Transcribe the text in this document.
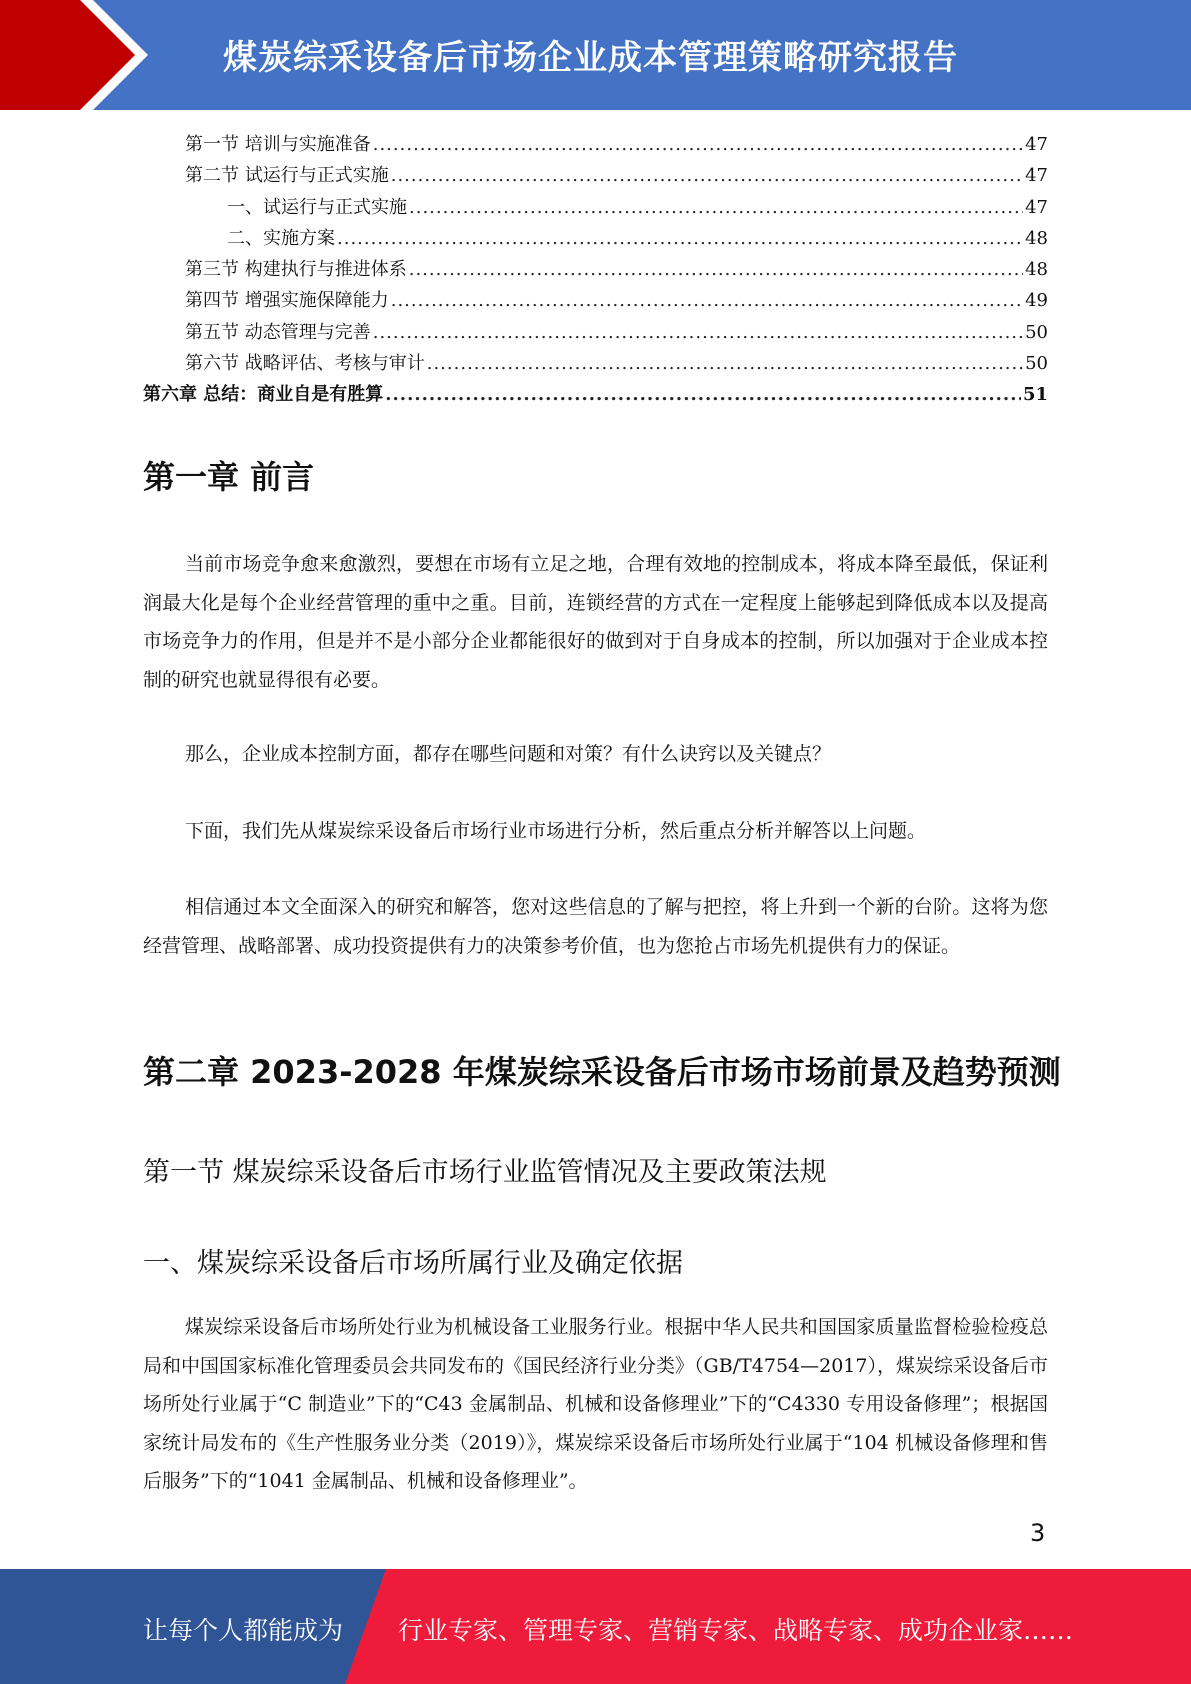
煤炭综采设备后市场企业成本管理策略研究报告
第一节 培训与实施准备 .....	47
第二节 试运行与正式实施 .....	47
一、试运行与正式实施 .....	47
二、实施方案 .....	48
第三节 构建执行与推进体系 .....	48
第四节 增强实施保障能力 .....	49
第五节 动态管理与完善 .....	50
第六节 战略评估、考核与审计 .....	50
第六章 总结：商业自是有胜算 .....	51
第一章 前言
当前市场竞争愈来愈激烈，要想在市场有立足之地，合理有效地的控制成本，将成本降至最低，保证利润最大化是每个企业经营管理的重中之重。目前，连锁经营的方式在一定程度上能够起到降低成本以及提高市场竞争力的作用，但是并不是小部分企业都能很好的做到对于自身成本的控制，所以加强对于企业成本控制的研究也就显得很有必要。
那么，企业成本控制方面，都存在哪些问题和对策？有什么诀窍以及关键点？
下面，我们先从煤炭综采设备后市场行业市场进行分析，然后重点分析并解答以上问题。
相信通过本文全面深入的研究和解答，您对这些信息的了解与把控，将上升到一个新的台阶。这将为您经营管理、战略部署、成功投资提供有力的决策参考价值，也为您抢占市场先机提供有力的保证。
第二章 2023-2028 年煤炭综采设备后市场市场前景及趋势预测
第一节 煤炭综采设备后市场行业监管情况及主要政策法规
一、煤炭综采设备后市场所属行业及确定依据
煤炭综采设备后市场所处行业为机械设备工业服务行业。根据中华人民共和国国家质量监督检验检疫总局和中国国家标准化管理委员会共同发布的《国民经济行业分类》（GB/T4754—2017），煤炭综采设备后市场所处行业属于“C 制造业”下的“C43 金属制品、机械和设备修理业”下的“C4330 专用设备修理”；根据国家统计局发布的《生产性服务业分类（2019）》，煤炭综采设备后市场所处行业属于“104 机械设备修理和售后服务”下的“1041 金属制品、机械和设备修理业”。
3
让每个人都能成为 行业专家、管理专家、营销专家、战略专家、成功企业家……
